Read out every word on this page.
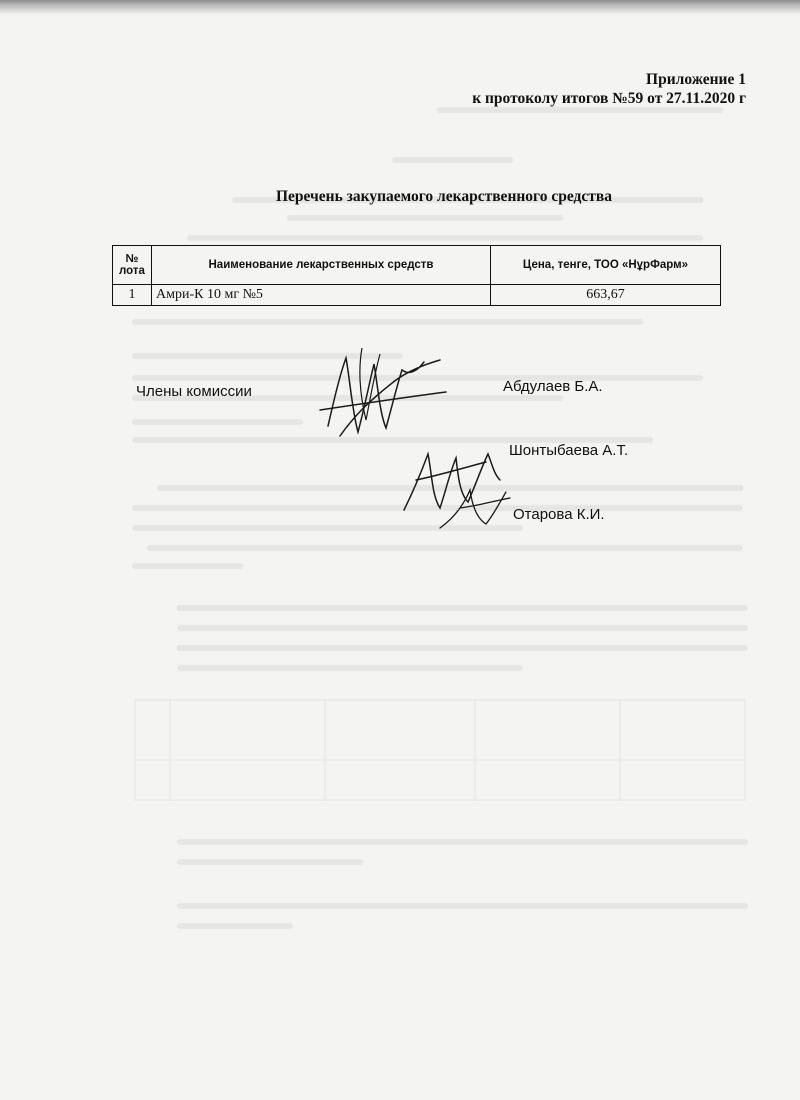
Приложение 1
к протоколу итогов №59 от 27.11.2020 г
Перечень закупаемого лекарственного средства
№ лота	Наименование лекарственных средств	Цена, тенге, ТОО «НұрФарм»
1	Амри-К 10 мг №5	663,67
Члены комиссии	Абдулаев Б.А.
Шонтыбаева А.Т.
Отарова К.И.
